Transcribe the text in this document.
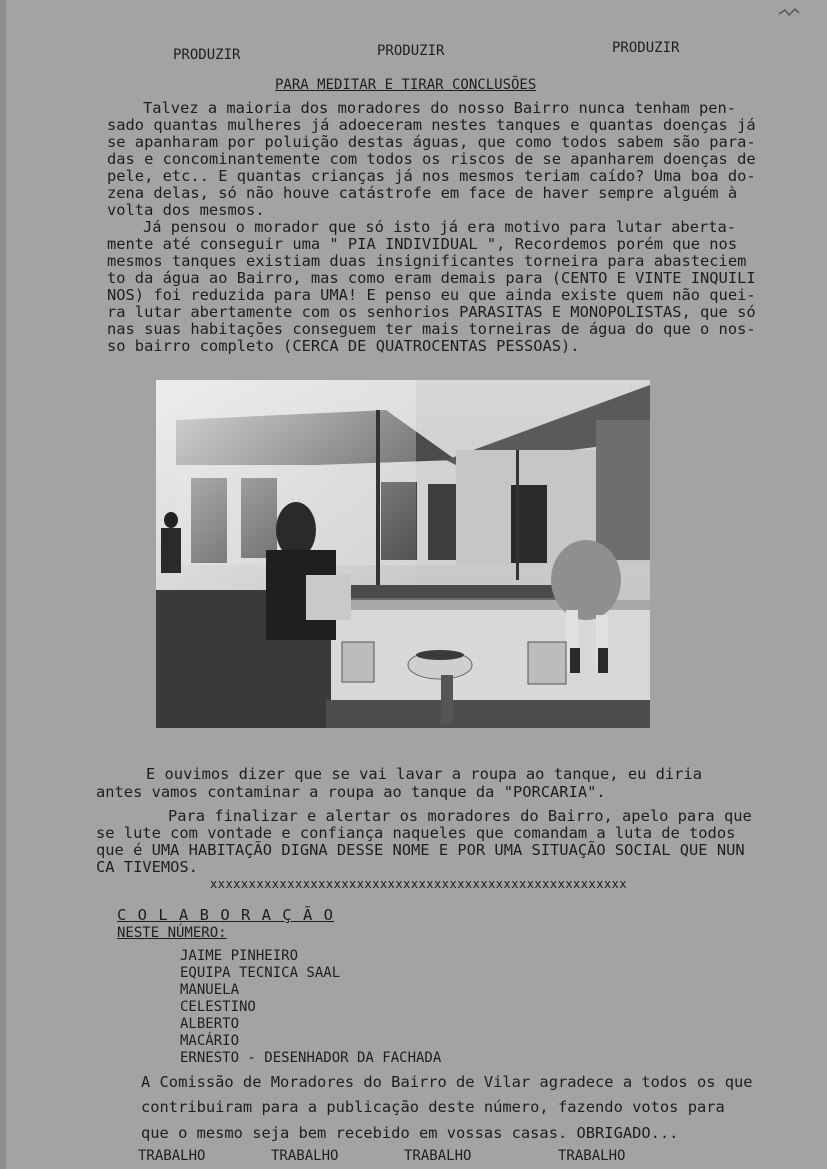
PRODUZIR	PRODUZIR	PRODUZIR
PARA MEDITAR E TIRAR CONCLUSÕES
Talvez a maioria dos moradores do nosso Bairro nunca tenham pen-
sado quantas mulheres já adoeceram nestes tanques e quantas doenças já
se apanharam por poluição destas águas, que como todos sabem são para-
das e concominantemente com todos os riscos de se apanharem doenças de
pele, etc.. E quantas crianças já nos mesmos teriam caído? Uma boa do-
zena delas, só não houve catástrofe em face de haver sempre alguém à
volta dos mesmos.
Já pensou o morador que só isto já era motivo para lutar aberta-
mente até conseguir uma " PIA INDIVIDUAL ", Recordemos porém que nos
mesmos tanques existiam duas insignificantes torneira para abasteciem
to da água ao Bairro, mas como eram demais para (CENTO E VINTE INQUILI
NOS) foi reduzida para UMA! E penso eu que ainda existe quem não quei-
ra lutar abertamente com os senhorios PARASITAS E MONOPOLISTAS, que só
nas suas habitações conseguem ter mais torneiras de água do que o nos-
so bairro completo (CERCA DE QUATROCENTAS PESSOAS).
E ouvimos dizer que se vai lavar a roupa ao tanque, eu diria
antes vamos contaminar a roupa ao tanque da "PORCARIA".
Para finalizar e alertar os moradores do Bairro, apelo para que
se lute com vontade e confiança naqueles que comandam a luta de todos
que é UMA HABITAÇÃO DIGNA DESSE NOME E POR UMA SITUAÇÃO SOCIAL QUE NUN
CA TIVEMOS.
xxxxxxxxxxxxxxxxxxxxxxxxxxxxxxxxxxxxxxxxxxxxxxxxxxxxxx
C O L A B O R A Ç Ã O
NESTE NÚMERO:
JAIME PINHEIRO
EQUIPA TECNICA SAAL
MANUELA
CELESTINO
ALBERTO
MACÁRIO
ERNESTO - DESENHADOR DA FACHADA
A Comissão de Moradores do Bairro de Vilar agradece a todos os que
contribuiram para a publicação deste número, fazendo votos para
que o mesmo seja bem recebido em vossas casas. OBRIGADO...
TRABALHO	TRABALHO	TRABALHO	TRABALHO
